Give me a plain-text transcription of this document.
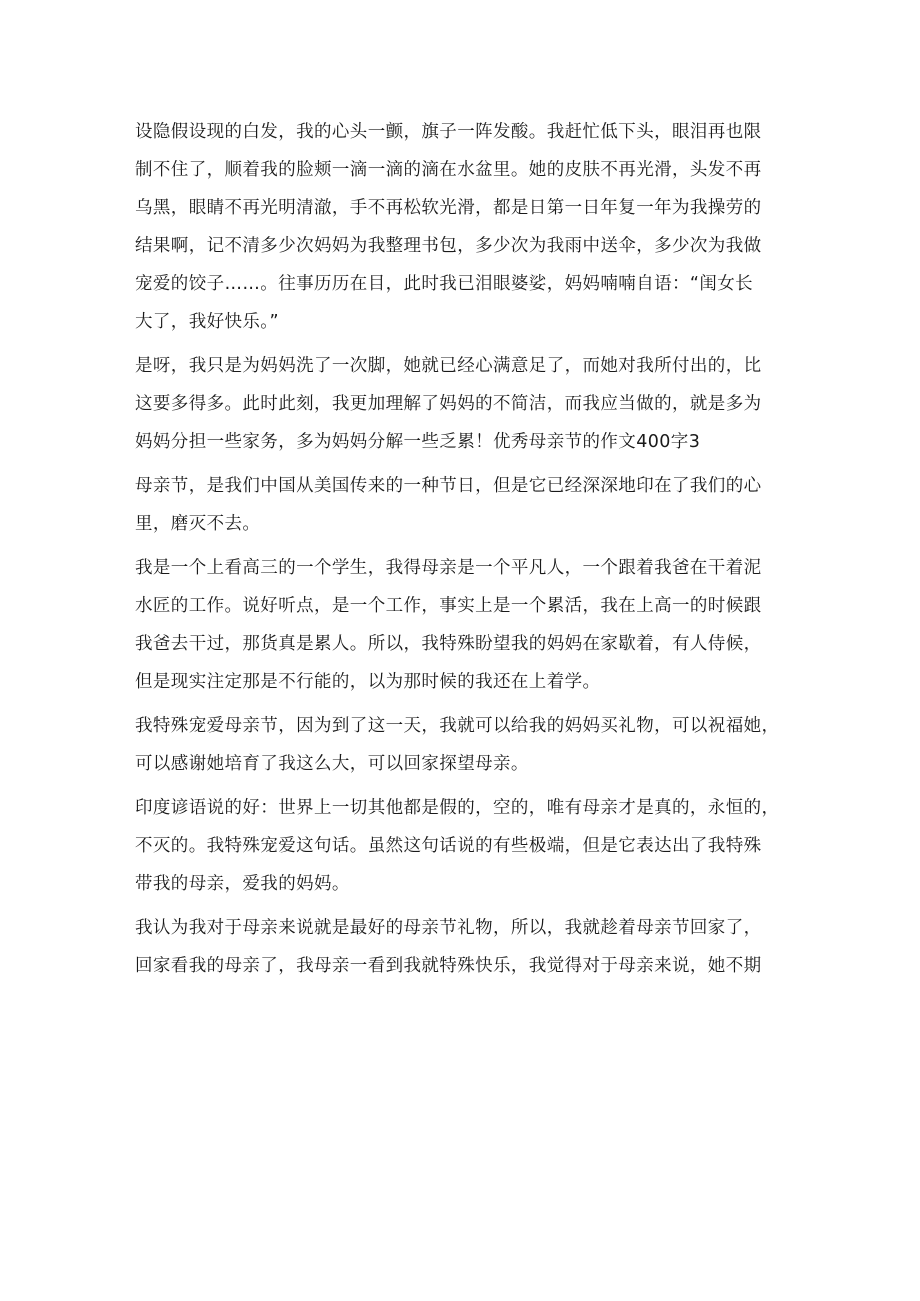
设隐假设现的白发，我的心头一颤，旗子一阵发酸。我赶忙低下头，眼泪再也限
制不住了，顺着我的脸颊一滴一滴的滴在水盆里。她的皮肤不再光滑，头发不再
乌黑，眼睛不再光明清澈，手不再松软光滑，都是日第一日年复一年为我操劳的
结果啊，记不清多少次妈妈为我整理书包，多少次为我雨中送伞，多少次为我做
宠爱的饺子……。往事历历在目，此时我已泪眼婆娑，妈妈喃喃自语：“闺女长
大了，我好快乐。”
是呀，我只是为妈妈洗了一次脚，她就已经心满意足了，而她对我所付出的，比
这要多得多。此时此刻，我更加理解了妈妈的不简洁，而我应当做的，就是多为
妈妈分担一些家务，多为妈妈分解一些乏累！优秀母亲节的作文400字3
母亲节，是我们中国从美国传来的一种节日，但是它已经深深地印在了我们的心
里，磨灭不去。
我是一个上看高三的一个学生，我得母亲是一个平凡人，一个跟着我爸在干着泥
水匠的工作。说好听点，是一个工作，事实上是一个累活，我在上高一的时候跟
我爸去干过，那货真是累人。所以，我特殊盼望我的妈妈在家歇着，有人侍候，
但是现实注定那是不行能的，以为那时候的我还在上着学。
我特殊宠爱母亲节，因为到了这一天，我就可以给我的妈妈买礼物，可以祝福她，
可以感谢她培育了我这么大，可以回家探望母亲。
印度谚语说的好：世界上一切其他都是假的，空的，唯有母亲才是真的，永恒的，
不灭的。我特殊宠爱这句话。虽然这句话说的有些极端，但是它表达出了我特殊
带我的母亲，爱我的妈妈。
我认为我对于母亲来说就是最好的母亲节礼物，所以，我就趁着母亲节回家了，
回家看我的母亲了，我母亲一看到我就特殊快乐，我觉得对于母亲来说，她不期
